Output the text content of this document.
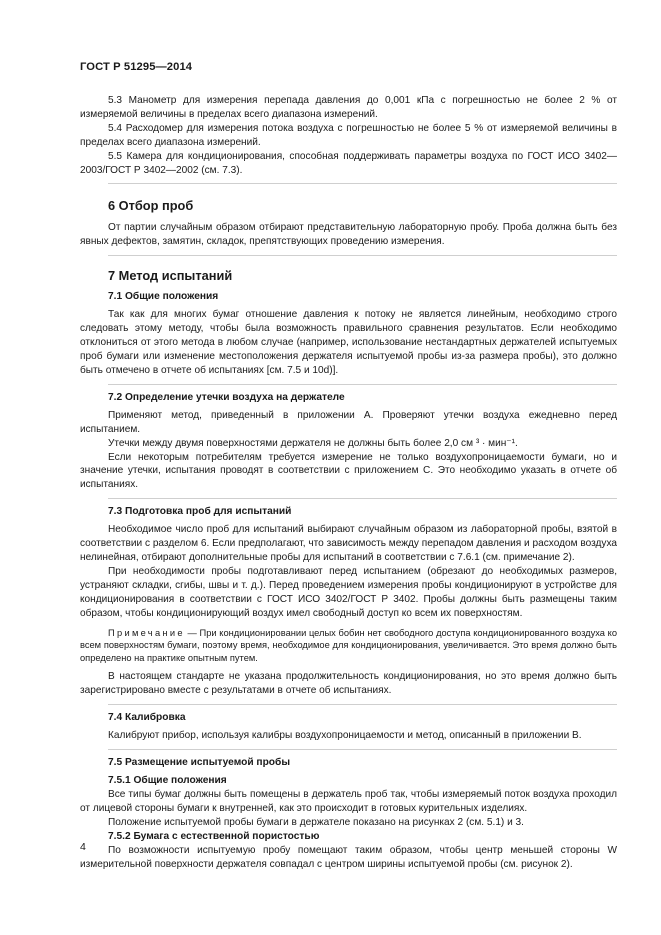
ГОСТ Р 51295—2014

5.3 Манометр для измерения перепада давления до 0,001 кПа с погрешностью не более 2 % от измеряемой величины в пределах всего диапазона измерений.

5.4 Расходомер для измерения потока воздуха с погрешностью не более 5 % от измеряемой величины в пределах всего диапазона измерений.

5.5 Камера для кондиционирования, способная поддерживать параметры воздуха по ГОСТ ИСО 3402—2003/ГОСТ Р 3402—2002 (см. 7.3).

6 Отбор проб

От партии случайным образом отбирают представительную лабораторную пробу. Проба должна быть без явных дефектов, замятин, складок, препятствующих проведению измерения.

7 Метод испытаний
7.1 Общие положения

Так как для многих бумаг отношение давления к потоку не является линейным, необходимо строго следовать этому методу, чтобы была возможность правильного сравнения результатов. Если необходимо отклониться от этого метода в любом случае (например, использование нестандартных держателей испытуемых проб бумаги или изменение местоположения держателя испытуемой пробы из-за размера пробы), это должно быть отмечено в отчете об испытаниях [см. 7.5 и 10d)].

7.2 Определение утечки воздуха на держателе

Применяют метод, приведенный в приложении А. Проверяют утечки воздуха ежедневно перед испытанием.

Утечки между двумя поверхностями держателя не должны быть более 2,0 см ³ · мин⁻¹.

Если некоторым потребителям требуется измерение не только воздухопроницаемости бумаги, но и значение утечки, испытания проводят в соответствии с приложением С. Это необходимо указать в отчете об испытаниях.

7.3 Подготовка проб для испытаний

Необходимое число проб для испытаний выбирают случайным образом из лабораторной пробы, взятой в соответствии с разделом 6. Если предполагают, что зависимость между перепадом давления и расходом воздуха нелинейная, отбирают дополнительные пробы для испытаний в соответствии с 7.6.1 (см. примечание 2).

При необходимости пробы подготавливают перед испытанием (обрезают до необходимых размеров, устраняют складки, сгибы, швы и т. д.). Перед проведением измерения пробы кондиционируют в устройстве для кондиционирования в соответствии с ГОСТ ИСО 3402/ГОСТ Р 3402. Пробы должны быть размещены таким образом, чтобы кондиционирующий воздух имел свободный доступ ко всем их поверхностям.

Примечание — При кондиционировании целых бобин нет свободного доступа кондиционированного воздуха ко всем поверхностям бумаги, поэтому время, необходимое для кондиционирования, увеличивается. Это время должно быть определено на практике опытным путем.

В настоящем стандарте не указана продолжительность кондиционирования, но это время должно быть зарегистрировано вместе с результатами в отчете об испытаниях.

7.4 Калибровка

Калибруют прибор, используя калибры воздухопроницаемости и метод, описанный в приложении В.

7.5 Размещение испытуемой пробы
7.5.1 Общие положения

Все типы бумаг должны быть помещены в держатель проб так, чтобы измеряемый поток воздуха проходил от лицевой стороны бумаги к внутренней, как это происходит в готовых курительных изделиях.

Положение испытуемой пробы бумаги в держателе показано на рисунках 2 (см. 5.1) и 3.

7.5.2 Бумага с естественной пористостью

По возможности испытуемую пробу помещают таким образом, чтобы центр меньшей стороны W измерительной поверхности держателя совпадал с центром ширины испытуемой пробы (см. рисунок 2).

4
